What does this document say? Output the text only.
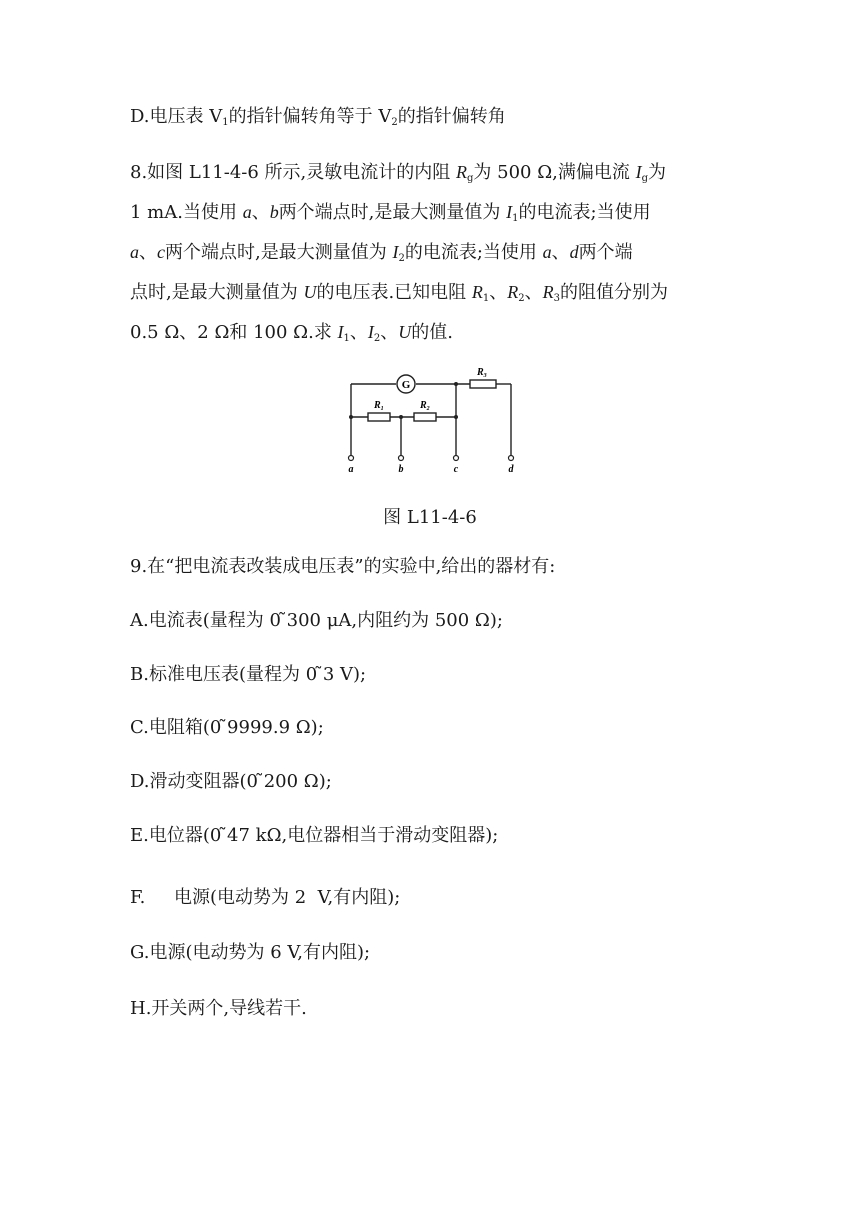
D.电压表 $V_1$的指针偏转角等于 $V_2$的指针偏转角
8.如图 L11-4-6 所示,灵敏电流计的内阻 $R_g$为 500 Ω,满偏电流 $I_g$为
1 mA.当使用 a、b两个端点时,是最大测量值为 $I_1$的电流表;当使用
a、c两个端点时,是最大测量值为 $I_2$的电流表;当使用 a、d两个端
点时,是最大测量值为 U的电压表.已知电阻 $R_1$、$R_2$、$R_3$的阻值分别为
0.5 Ω、2 Ω和 100 Ω.求 $I_1$、$I_2$、U的值.
G
$R_1$	$R_2$
$R_3$
a	b	c	d
图 L11-4-6
9.在“把电流表改装成电压表”的实验中,给出的器材有:
A.电流表(量程为 0 ̃300 μA,内阻约为 500 Ω);
B.标准电压表(量程为 0 ̃3 V);
C.电阻箱(0 ̃9999.9 Ω);
D.滑动变阻器(0 ̃200 Ω);
E.电位器(0 ̃47 kΩ,电位器相当于滑动变阻器);
F.     电源(电动势为 2  V,有内阻);
G.电源(电动势为 6 V,有内阻);
H.开关两个,导线若干.
